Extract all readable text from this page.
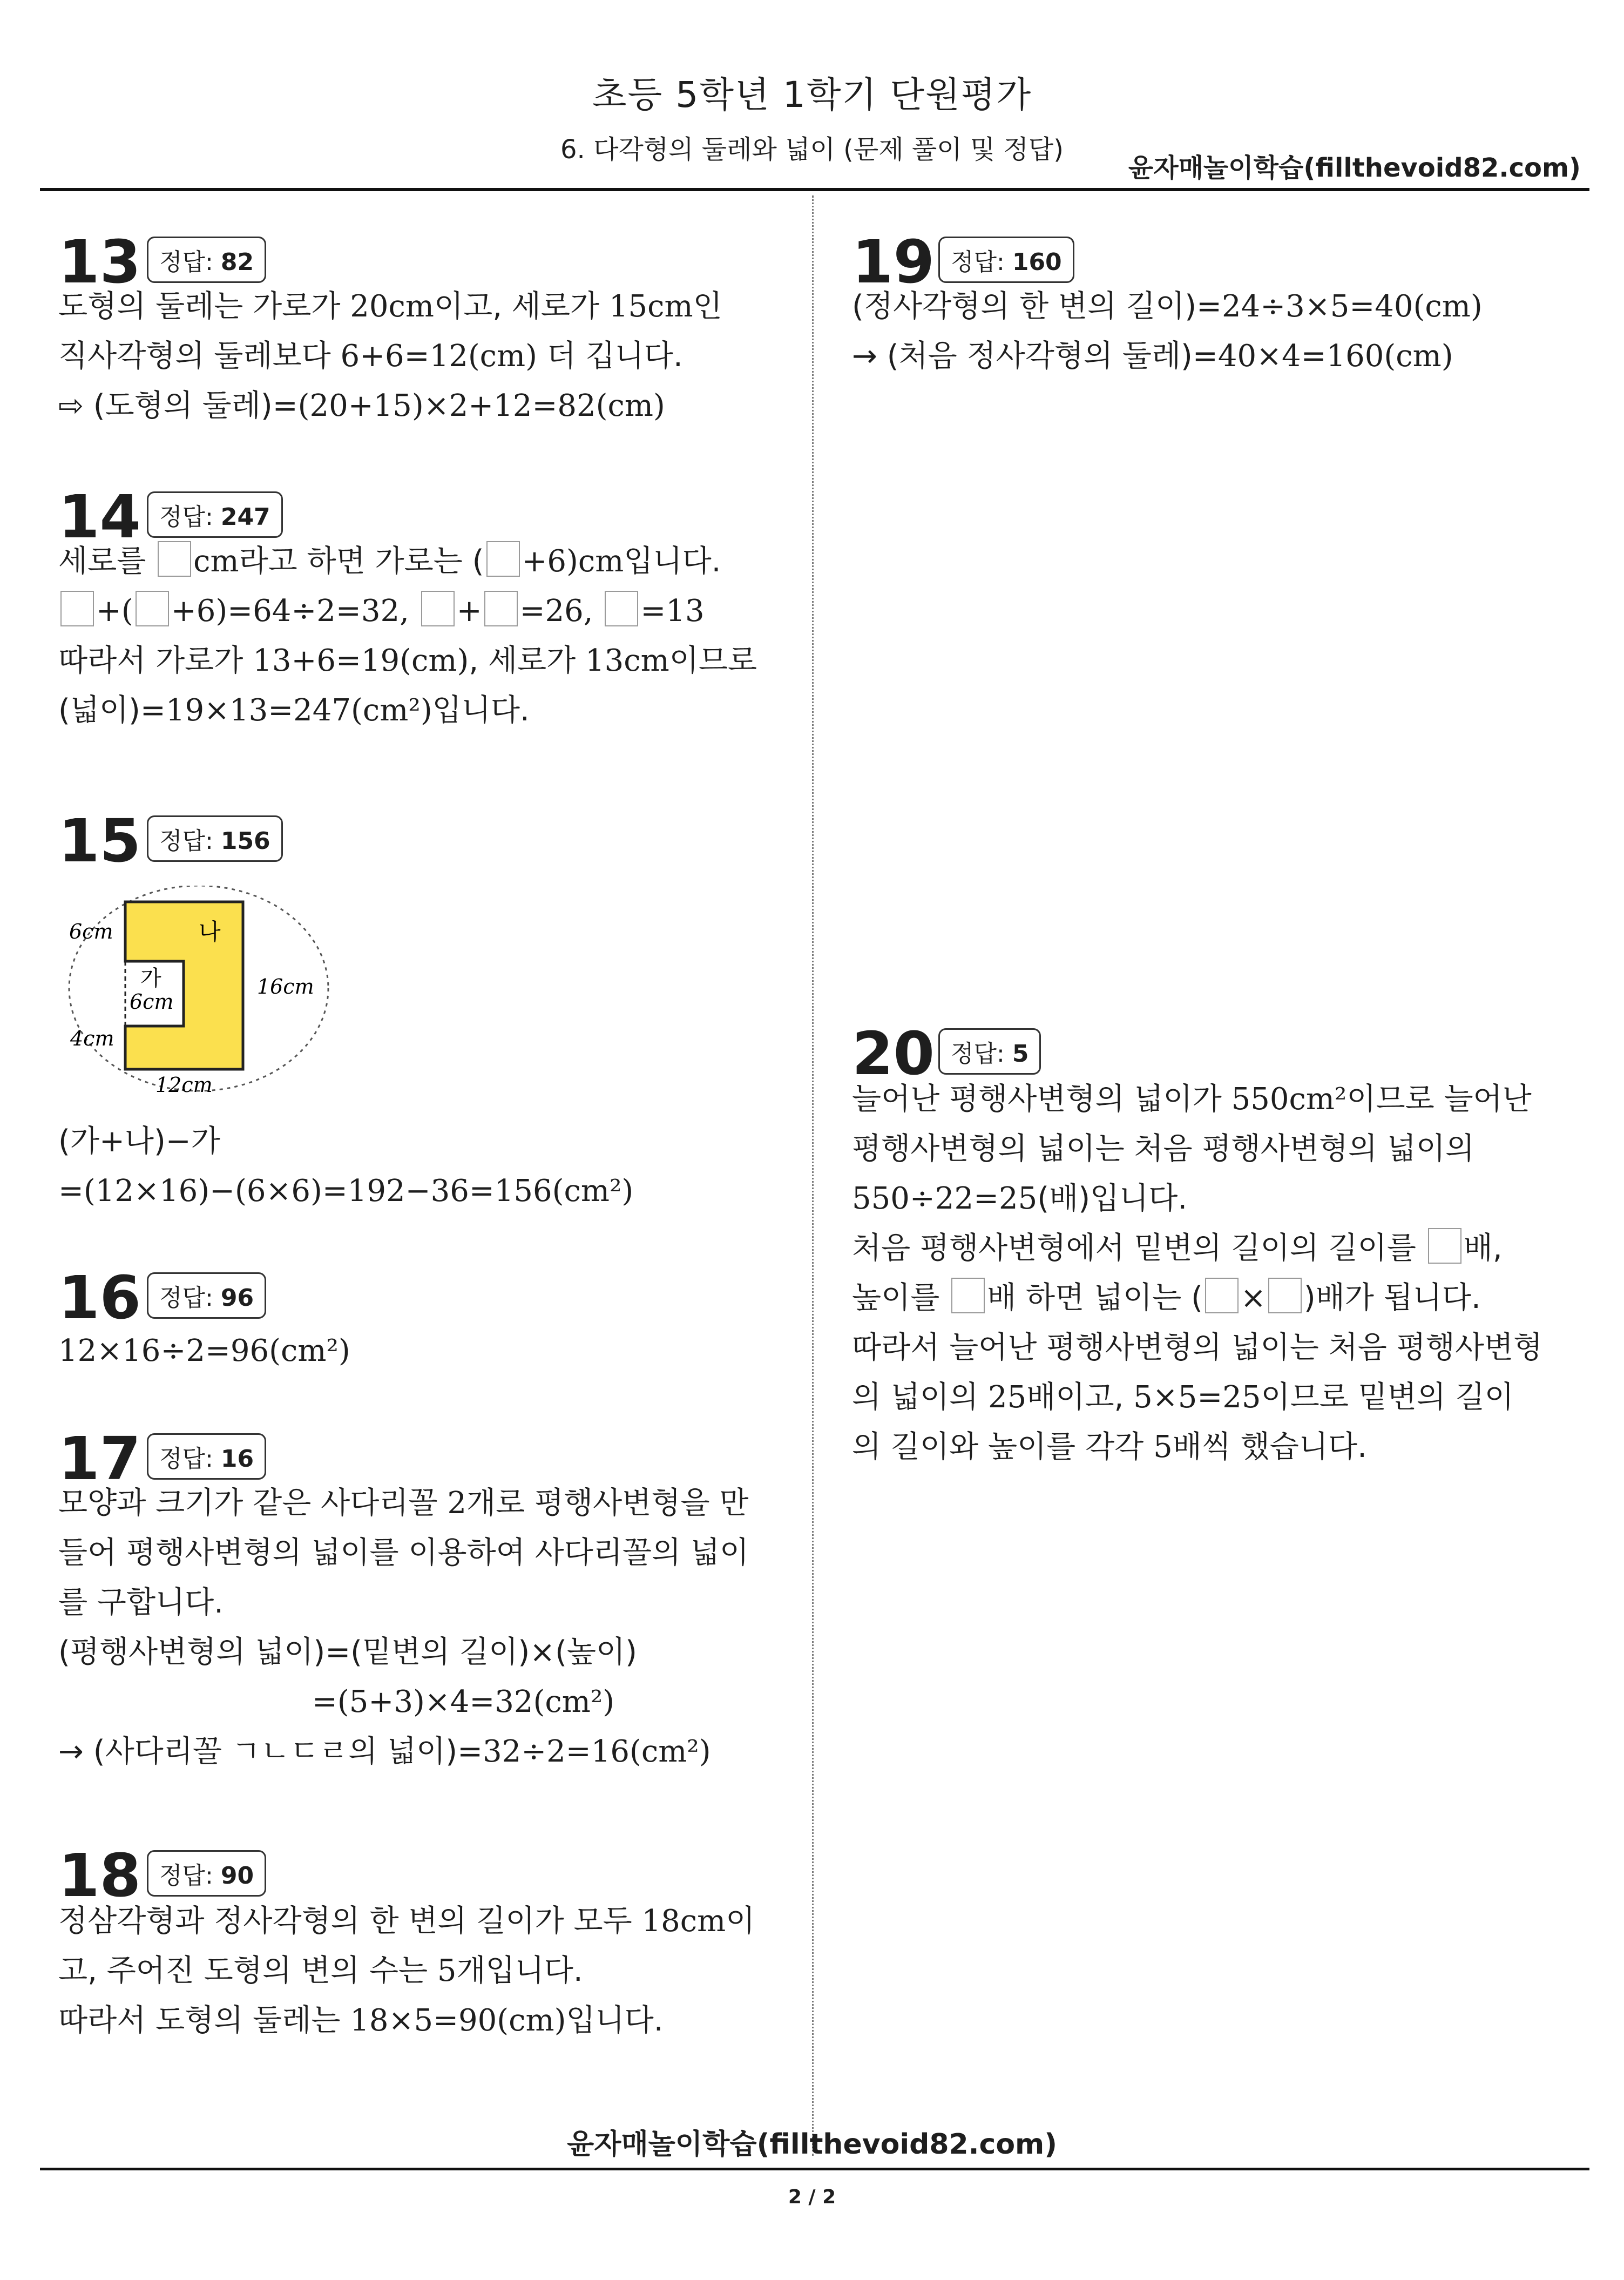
초등 5학년 1학기 단원평가
6. 다각형의 둘레와 넓이 (문제 풀이 및 정답)
윤자매놀이학습(fillthevoid82.com)
13 정답: 82
도형의 둘레는 가로가 20cm이고, 세로가 15cm인
직사각형의 둘레보다 6+6=12(cm) 더 깁니다.
⇨ (도형의 둘레)=(20+15)×2+12=82(cm)
14 정답: 247
세로를 cm라고 하면 가로는 ( +6)cm입니다.
+( +6)=64÷2=32, + =26, =13
따라서 가로가 13+6=19(cm), 세로가 13cm이므로
(넓이)=19×13=247(cm²)입니다.
15 정답: 156
6cm	나
가
6cm
16cm
4cm
12cm
(가+나)−가
=(12×16)−(6×6)=192−36=156(cm²)
16 정답: 96
12×16÷2=96(cm²)
17 정답: 16
모양과 크기가 같은 사다리꼴 2개로 평행사변형을 만
들어 평행사변형의 넓이를 이용하여 사다리꼴의 넓이
를 구합니다.
(평행사변형의 넓이)=(밑변의 길이)×(높이)
=(5+3)×4=32(cm²)
→ (사다리꼴 ㄱㄴㄷㄹ의 넓이)=32÷2=16(cm²)
18 정답: 90
정삼각형과 정사각형의 한 변의 길이가 모두 18cm이
고, 주어진 도형의 변의 수는 5개입니다.
따라서 도형의 둘레는 18×5=90(cm)입니다.
19 정답: 160
(정사각형의 한 변의 길이)=24÷3×5=40(cm)
→ (처음 정사각형의 둘레)=40×4=160(cm)
20 정답: 5
늘어난 평행사변형의 넓이가 550cm²이므로 늘어난
평행사변형의 넓이는 처음 평행사변형의 넓이의
550÷22=25(배)입니다.
처음 평행사변형에서 밑변의 길이의 길이를 배,
높이를 배 하면 넓이는 ( × )배가 됩니다.
따라서 늘어난 평행사변형의 넓이는 처음 평행사변형
의 넓이의 25배이고, 5×5=25이므로 밑변의 길이
의 길이와 높이를 각각 5배씩 했습니다.
윤자매놀이학습(fillthevoid82.com)
2 / 2
